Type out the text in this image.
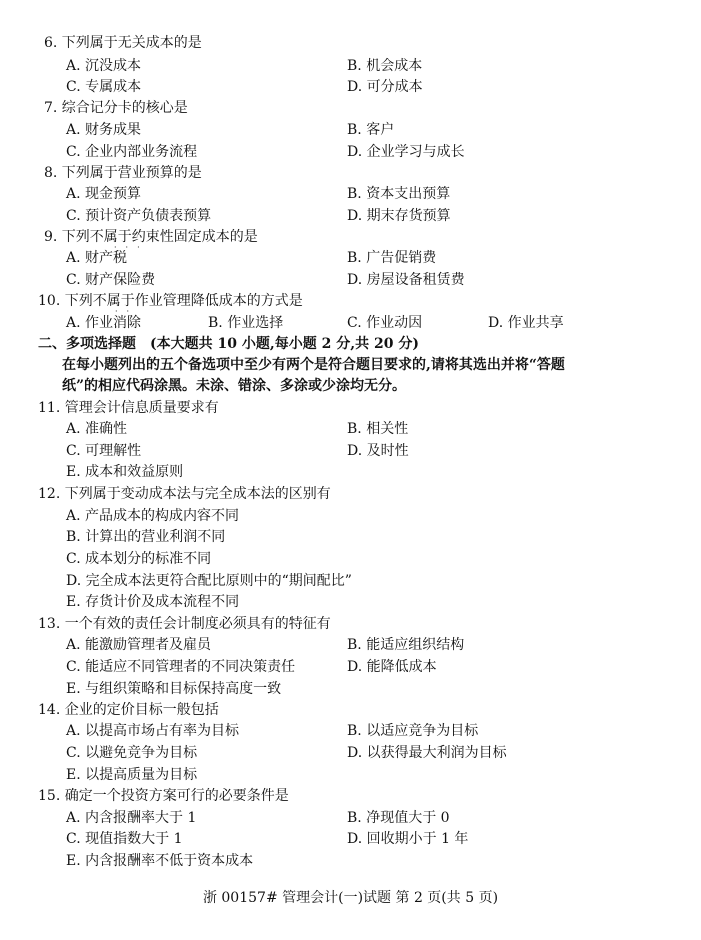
6. 下列属于无关成本的是
A. 沉没成本	B. 机会成本
C. 专属成本	D. 可分成本
7. 综合记分卡的核心是
A. 财务成果	B. 客户
C. 企业内部业务流程	D. 企业学习与成长
8. 下列属于营业预算的是
A. 现金预算	B. 资本支出预算
C. 预计资产负债表预算	D. 期末存货预算
9. 下列不属于约束性固定成本的是
···
A. 财产税	B. 广告促销费
C. 财产保险费	D. 房屋设备租赁费
10. 下列不属于作业管理降低成本的方式是
··
A. 作业消除	B. 作业选择	C. 作业动因	D. 作业共享
二、多项选择题　(本大题共 10 小题,每小题 2 分,共 20 分)
在每小题列出的五个备选项中至少有两个是符合题目要求的,请将其选出并将“答题
纸”的相应代码涂黑。未涂、错涂、多涂或少涂均无分。
11. 管理会计信息质量要求有
A. 准确性	B. 相关性
C. 可理解性	D. 及时性
E. 成本和效益原则
12. 下列属于变动成本法与完全成本法的区别有
A. 产品成本的构成内容不同
B. 计算出的营业利润不同
C. 成本划分的标准不同
D. 完全成本法更符合配比原则中的“期间配比”
E. 存货计价及成本流程不同
13. 一个有效的责任会计制度必须具有的特征有
A. 能激励管理者及雇员	B. 能适应组织结构
C. 能适应不同管理者的不同决策责任	D. 能降低成本
E. 与组织策略和目标保持高度一致
14. 企业的定价目标一般包括
A. 以提高市场占有率为目标	B. 以适应竞争为目标
C. 以避免竞争为目标	D. 以获得最大利润为目标
E. 以提高质量为目标
15. 确定一个投资方案可行的必要条件是
A. 内含报酬率大于 1	B. 净现值大于 0
C. 现值指数大于 1	D. 回收期小于 1 年
E. 内含报酬率不低于资本成本
浙 00157# 管理会计(一)试题 第 2 页(共 5 页)
